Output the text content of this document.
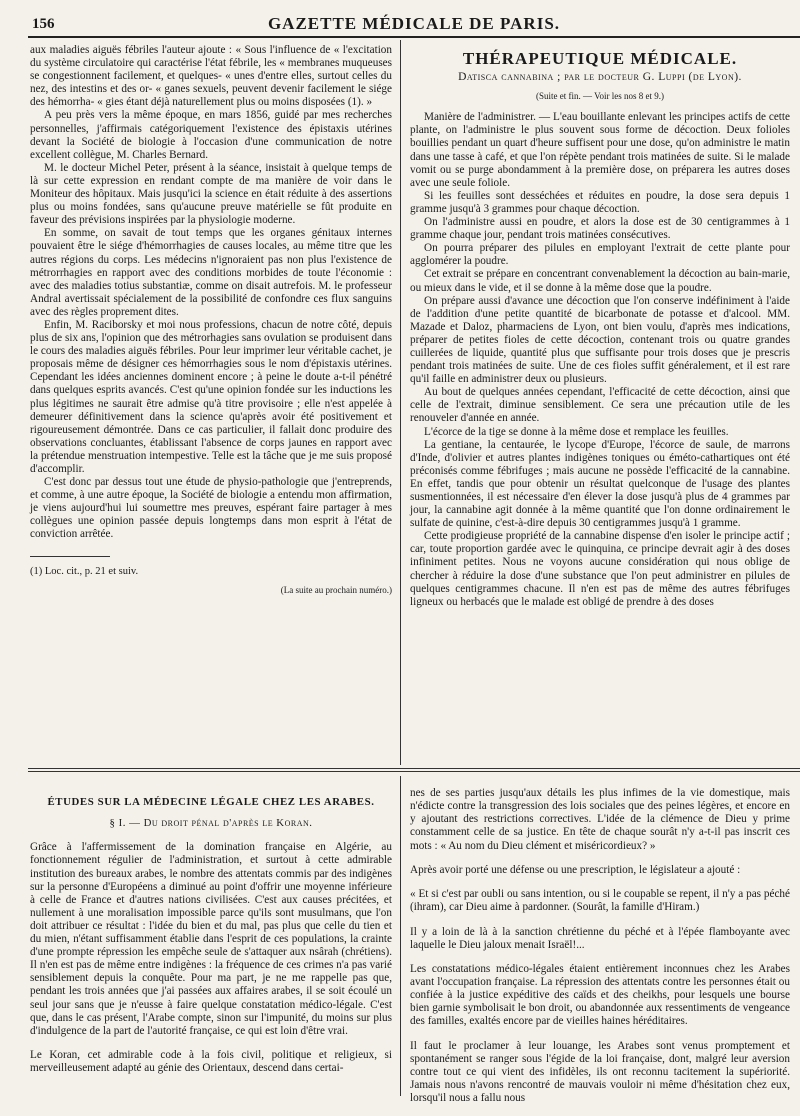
156	GAZETTE MÉDICALE DE PARIS.

aux maladies aiguës fébriles l'auteur ajoute : « Sous l'influence de « l'excitation du système circulatoire qui caractérise l'état fébrile, les « membranes muqueuses se congestionnent facilement, et quelques- « unes d'entre elles, surtout celles du nez, des intestins et des or- « ganes sexuels, peuvent devenir facilement le siége des hémorrha- « gies étant déjà naturellement plus ou moins disposées (1). »

A peu près vers la même époque, en mars 1856, guidé par mes recherches personnelles, j'affirmais catégoriquement l'existence des épistaxis utérines devant la Société de biologie à l'occasion d'une communication de notre excellent collègue, M. Charles Bernard.

M. le docteur Michel Peter, présent à la séance, insistait à quelque temps de là sur cette expression en rendant compte de ma manière de voir dans le Moniteur des hôpitaux. Mais jusqu'ici la science en était réduite à des assertions plus ou moins fondées, sans qu'aucune preuve matérielle se fût produite en faveur des prévisions inspirées par la physiologie moderne.

En somme, on savait de tout temps que les organes génitaux internes pouvaient être le siége d'hémorrhagies de causes locales, au même titre que les autres régions du corps. Les médecins n'ignoraient pas non plus l'existence de métrorrhagies en rapport avec des conditions morbides de toute l'économie : avec des maladies totius substantiæ, comme on disait autrefois. M. le professeur Andral avertissait spécialement de la possibilité de confondre ces flux sanguins avec des règles proprement dites.

Enfin, M. Raciborsky et moi nous professions, chacun de notre côté, depuis plus de six ans, l'opinion que des métrorhagies sans ovulation se produisent dans le cours des maladies aiguës fébriles. Pour leur imprimer leur véritable cachet, je proposais même de désigner ces hémorrhagies sous le nom d'épistaxis utérines. Cependant les idées anciennes dominent encore ; à peine le doute a-t-il pénétré dans quelques esprits avancés. C'est qu'une opinion fondée sur les inductions les plus légitimes ne saurait être admise qu'à titre provisoire ; elle n'est appelée à demeurer définitivement dans la science qu'après avoir été positivement et rigoureusement démontrée. Dans ce cas particulier, il fallait donc produire des observations concluantes, établissant l'absence de corps jaunes en rapport avec la prétendue menstruation intempestive. Telle est la tâche que je me suis proposé d'accomplir.

C'est donc par dessus tout une étude de physio-pathologie que j'entreprends, et comme, à une autre époque, la Société de biologie a entendu mon affirmation, je viens aujourd'hui lui soumettre mes preuves, espérant faire partager à mes collègues une opinion passée depuis longtemps dans mon esprit à l'état de conviction arrêtée.

(1) Loc. cit., p. 21 et suiv.

(La suite au prochain numéro.)
THÉRAPEUTIQUE MÉDICALE.
Datisca cannabina ; par le docteur G. Luppi (de Lyon).
(Suite et fin. — Voir les nos 8 et 9.)

Manière de l'administrer. — L'eau bouillante enlevant les principes actifs de cette plante, on l'administre le plus souvent sous forme de décoction. Deux folioles bouillies pendant un quart d'heure suffisent pour une dose, qu'on administre le matin dans une tasse à café, et que l'on répète pendant trois matinées de suite. Si le malade vomit ou se purge abondamment à la première dose, on préparera les autres doses avec une seule foliole.

Si les feuilles sont desséchées et réduites en poudre, la dose sera depuis 1 gramme jusqu'à 3 grammes pour chaque décoction.

On l'administre aussi en poudre, et alors la dose est de 30 centigrammes à 1 gramme chaque jour, pendant trois matinées consécutives.

On pourra préparer des pilules en employant l'extrait de cette plante pour agglomérer la poudre.

Cet extrait se prépare en concentrant convenablement la décoction au bain-marie, ou mieux dans le vide, et il se donne à la même dose que la poudre.

On prépare aussi d'avance une décoction que l'on conserve indéfiniment à l'aide de l'addition d'une petite quantité de bicarbonate de potasse et d'alcool. MM. Mazade et Daloz, pharmaciens de Lyon, ont bien voulu, d'après mes indications, préparer de petites fioles de cette décoction, contenant trois ou quatre grandes cuillerées de liquide, quantité plus que suffisante pour trois doses que je prescris pendant trois matinées de suite. Une de ces fioles suffit généralement, et il est rare qu'il faille en administrer deux ou plusieurs.

Au bout de quelques années cependant, l'efficacité de cette décoction, ainsi que celle de l'extrait, diminue sensiblement. Ce sera une précaution utile de les renouveler d'année en année.

L'écorce de la tige se donne à la même dose et remplace les feuilles.

La gentiane, la centaurée, le lycope d'Europe, l'écorce de saule, de marrons d'Inde, d'olivier et autres plantes indigènes toniques ou éméto-cathartiques ont été préconisés comme fébrifuges ; mais aucune ne possède l'efficacité de la cannabine. En effet, tandis que pour obtenir un résultat quelconque de l'usage des plantes susmentionnées, il est nécessaire d'en élever la dose jusqu'à plus de 4 grammes par jour, la cannabine agit donnée à la même quantité que l'on donne ordinairement le sulfate de quinine, c'est-à-dire depuis 30 centigrammes jusqu'à 1 gramme.

Cette prodigieuse propriété de la cannabine dispense d'en isoler le principe actif ; car, toute proportion gardée avec le quinquina, ce principe devrait agir à des doses infiniment petites. Nous ne voyons aucune considération qui nous oblige de chercher à réduire la dose d'une substance que l'on peut administrer en pilules de quelques centigrammes chacune. Il n'en est pas de même des autres fébrifuges ligneux ou herbacés que le malade est obligé de prendre à des doses

ÉTUDES SUR LA MÉDECINE LÉGALE CHEZ LES ARABES.
§ I. — Du droit pénal d'après le Koran.

Grâce à l'affermissement de la domination française en Algérie, au fonctionnement régulier de l'administration, et surtout à cette admirable institution des bureaux arabes, le nombre des attentats commis par des indigènes sur la personne d'Européens a diminué au point d'offrir une moyenne inférieure à celle de France et d'autres nations civilisées. C'est aux causes précitées, et nullement à une moralisation impossible parce qu'ils sont musulmans, que l'on doit attribuer ce résultat : l'idée du bien et du mal, pas plus que celle du tien et du mien, n'étant suffisamment établie dans l'esprit de ces populations, la crainte d'une prompte répression les empêche seule de s'attaquer aux nsârah (chrétiens). Il n'en est pas de même entre indigènes : la fréquence de ces crimes n'a pas varié sensiblement depuis la conquête. Pour ma part, je ne me rappelle pas que, pendant les trois années que j'ai passées aux affaires arabes, il se soit écoulé un seul jour sans que je n'eusse à faire quelque constatation médico-légale. C'est que, dans le cas présent, l'Arabe compte, sinon sur l'impunité, du moins sur plus d'indulgence de la part de l'autorité française, ce qui est loin d'être vrai.

Le Koran, cet admirable code à la fois civil, politique et religieux, si merveilleusement adapté au génie des Orientaux, descend dans certai-

nes de ses parties jusqu'aux détails les plus infimes de la vie domestique, mais n'édicte contre la transgression des lois sociales que des peines légères, et encore en y ajoutant des restrictions correctives. L'idée de la clémence de Dieu y prime constamment celle de sa justice. En tête de chaque sourât n'y a-t-il pas inscrit ces mots : « Au nom du Dieu clément et miséricordieux? »

Après avoir porté une défense ou une prescription, le législateur a ajouté :

« Et si c'est par oubli ou sans intention, ou si le coupable se repent, il n'y a pas péché (ihram), car Dieu aime à pardonner. (Sourât, la famille d'Hiram.)

Il y a loin de là à la sanction chrétienne du péché et à l'épée flamboyante avec laquelle le Dieu jaloux menait Israël!...

Les constatations médico-légales étaient entièrement inconnues chez les Arabes avant l'occupation française. La répression des attentats contre les personnes était ou confiée à la justice expéditive des caïds et des cheikhs, pour lesquels une bourse bien garnie symbolisait le bon droit, ou abandonnée aux ressentiments de vengeance des familles, exaltés encore par de vieilles haines héréditaires.

Il faut le proclamer à leur louange, les Arabes sont venus promptement et spontanément se ranger sous l'égide de la loi française, dont, malgré leur aversion contre tout ce qui vient des infidèles, ils ont reconnu tacitement la supériorité. Jamais nous n'avons rencontré de mauvais vouloir ni même d'hésitation chez eux, lorsqu'il nous a fallu nous
